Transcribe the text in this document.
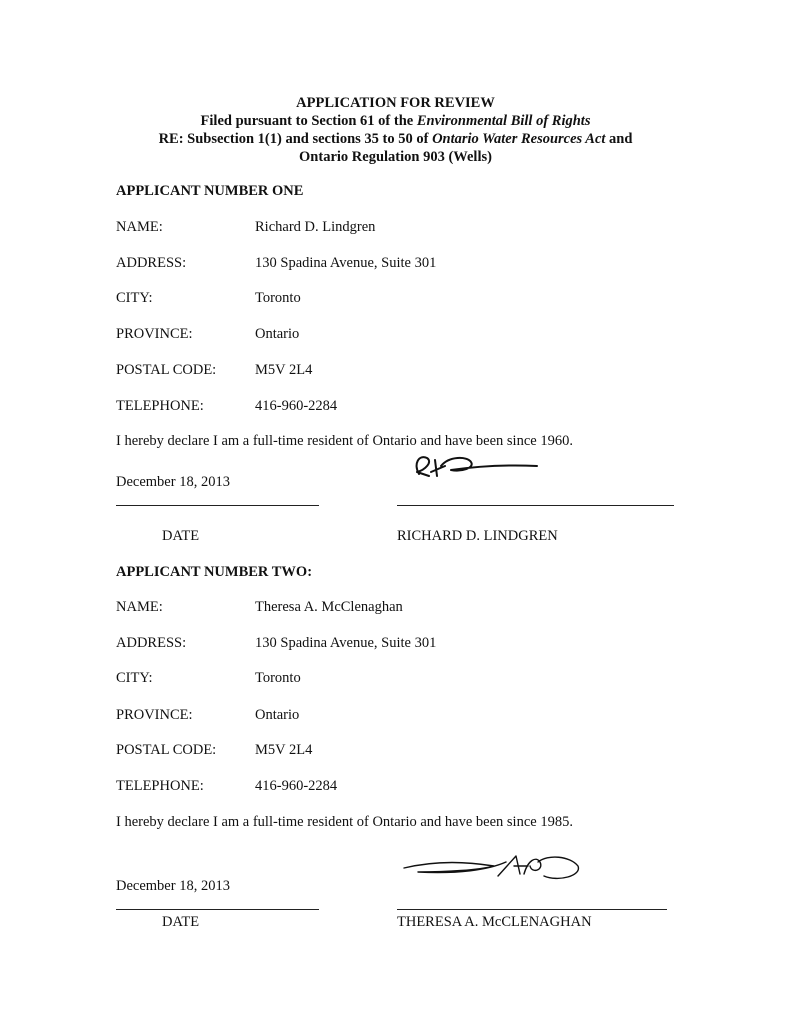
APPLICATION FOR REVIEW
Filed pursuant to Section 61 of the Environmental Bill of Rights
RE: Subsection 1(1) and sections 35 to 50 of Ontario Water Resources Act and
Ontario Regulation 903 (Wells)
APPLICANT NUMBER ONE
NAME:	Richard D. Lindgren
ADDRESS:	130 Spadina Avenue, Suite 301
CITY:	Toronto
PROVINCE:	Ontario
POSTAL CODE:	M5V 2L4
TELEPHONE:	416-960-2284
I hereby declare I am a full-time resident of Ontario and have been since 1960.
December 18, 2013
DATE	RICHARD D. LINDGREN
APPLICANT NUMBER TWO:
NAME:	Theresa A. McClenaghan
ADDRESS:	130 Spadina Avenue, Suite 301
CITY:	Toronto
PROVINCE:	Ontario
POSTAL CODE:	M5V 2L4
TELEPHONE:	416-960-2284
I hereby declare I am a full-time resident of Ontario and have been since 1985.
December 18, 2013
DATE	THERESA A. McCLENAGHAN
